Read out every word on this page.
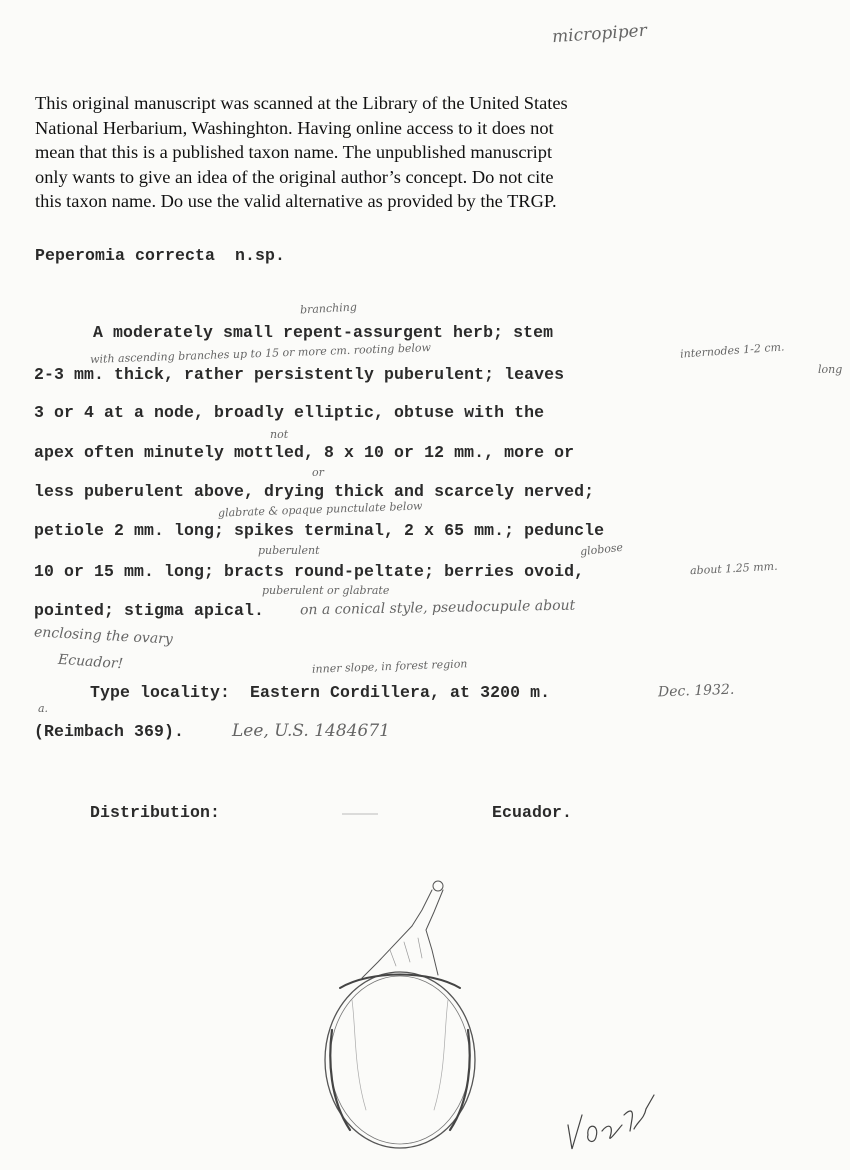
This original manuscript was scanned at the Library of the United States
National Herbarium, Washinghton. Having online access to it does not
mean that this is a published taxon name. The unpublished manuscript
only wants to give an idea of the original author’s concept. Do not cite
this taxon name. Do use the valid alternative as provided by the TRGP.
micropiper
Peperomia correcta  n.sp.
A moderately small repent-assurgent herb; stem
2-3 mm. thick, rather persistently puberulent; leaves
3 or 4 at a node, broadly elliptic, obtuse with the
apex often minutely mottled, 8 x 10 or 12 mm., more or
less puberulent above, drying thick and scarcely nerved;
petiole 2 mm. long; spikes terminal, 2 x 65 mm.; peduncle
10 or 15 mm. long; bracts round-peltate; berries ovoid,
pointed; stigma apical.
branching
with ascending branches up to 15 or more cm. rooting below	internodes 1-2 cm.
long
not
or
glabrate & opaque punctulate below
puberulent	globose
about 1.25 mm.
puberulent or glabrate
on a conical style, pseudocupule about
enclosing the ovary
Ecuador!	inner slope, in forest region
Type locality:  Eastern Cordillera, at 3200 m.	Dec. 1932.
a.
(Reimbach 369).	Lee, U.S. 1484671
Distribution:	Ecuador.
